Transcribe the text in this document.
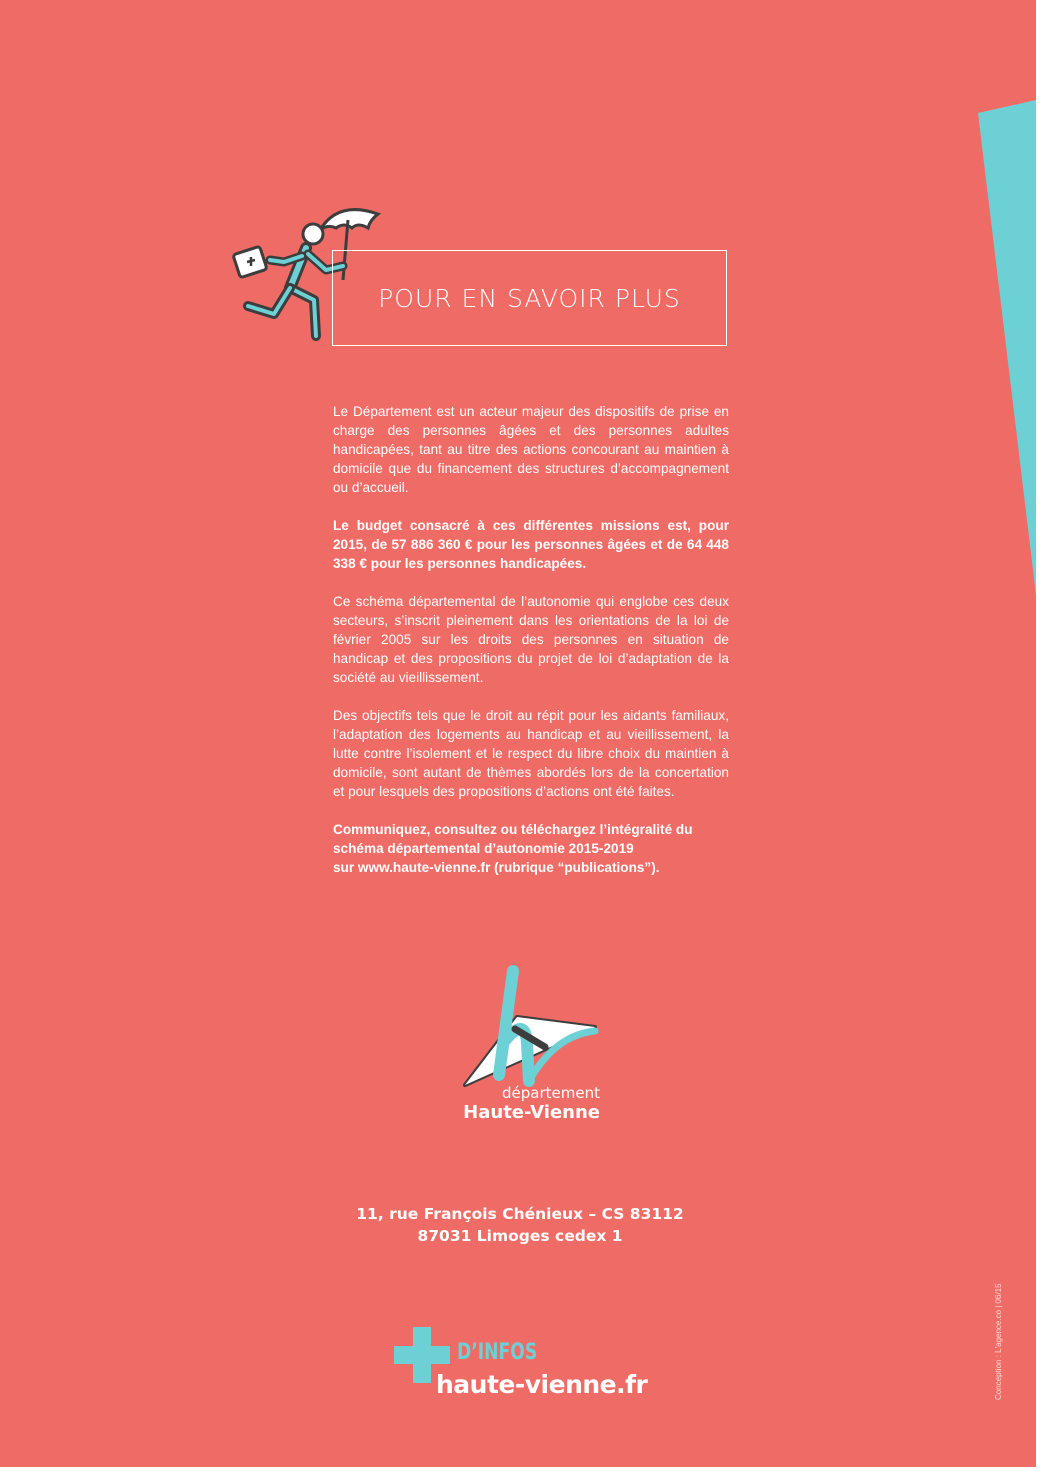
POUR EN SAVOIR PLUS

Le Département est un acteur majeur des dispositifs de prise en charge des personnes âgées et des personnes adultes handicapées, tant au titre des actions concourant au maintien à domicile que du financement des structures d’accompagnement ou d’accueil.

Le budget consacré à ces différentes missions est, pour 2015, de 57 886 360 € pour les personnes âgées et de 64 448 338 € pour les personnes handicapées.

Ce schéma départemental de l’autonomie qui englobe ces deux secteurs, s’inscrit pleinement dans les orientations de la loi de février 2005 sur les droits des personnes en situation de handicap et des propositions du projet de loi d’adaptation de la société au vieillissement.

Des objectifs tels que le droit au répit pour les aidants familiaux, l’adaptation des logements au handicap et au vieillissement, la lutte contre l’isolement et le respect du libre choix du maintien à domicile, sont autant de thèmes abordés lors de la concertation et pour lesquels des propositions d’actions ont été faites.

Communiquez, consultez ou téléchargez l’intégralité du
schéma départemental d’autonomie 2015-2019
sur www.haute-vienne.fr (rubrique “publications”).

département
Haute-Vienne
11, rue François Chénieux – CS 83112
87031 Limoges cedex 1
D’INFOS
haute-vienne.fr	Conception : L'agence.co | 06/15
